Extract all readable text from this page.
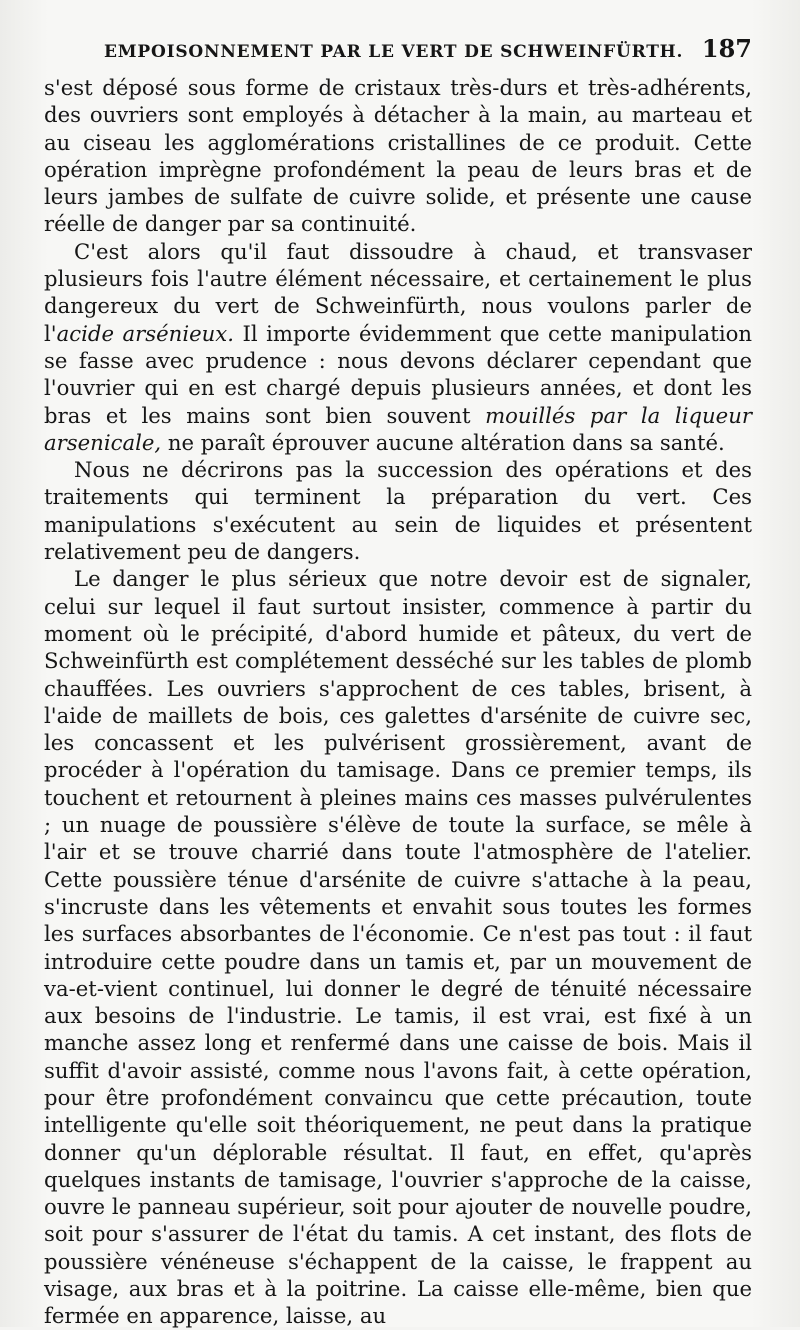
EMPOISONNEMENT PAR LE VERT DE SCHWEINFÜRTH. 187

s'est déposé sous forme de cristaux très-durs et très-adhérents, des ouvriers sont employés à détacher à la main, au marteau et au ciseau les agglomérations cristallines de ce produit. Cette opération imprègne profondément la peau de leurs bras et de leurs jambes de sulfate de cuivre solide, et présente une cause réelle de danger par sa continuité.

C'est alors qu'il faut dissoudre à chaud, et transvaser plusieurs fois l'autre élément nécessaire, et certainement le plus dangereux du vert de Schweinfürth, nous voulons parler de l'acide arsénieux. Il importe évidemment que cette manipulation se fasse avec prudence : nous devons déclarer cependant que l'ouvrier qui en est chargé depuis plusieurs années, et dont les bras et les mains sont bien souvent mouillés par la liqueur arsenicale, ne paraît éprouver aucune altération dans sa santé.

Nous ne décrirons pas la succession des opérations et des traitements qui terminent la préparation du vert. Ces manipulations s'exécutent au sein de liquides et présentent relativement peu de dangers.

Le danger le plus sérieux que notre devoir est de signaler, celui sur lequel il faut surtout insister, commence à partir du moment où le précipité, d'abord humide et pâteux, du vert de Schweinfürth est complétement desséché sur les tables de plomb chauffées. Les ouvriers s'approchent de ces tables, brisent, à l'aide de maillets de bois, ces galettes d'arsénite de cuivre sec, les concassent et les pulvérisent grossièrement, avant de procéder à l'opération du tamisage. Dans ce premier temps, ils touchent et retournent à pleines mains ces masses pulvérulentes ; un nuage de poussière s'élève de toute la surface, se mêle à l'air et se trouve charrié dans toute l'atmosphère de l'atelier. Cette poussière ténue d'arsénite de cuivre s'attache à la peau, s'incruste dans les vêtements et envahit sous toutes les formes les surfaces absorbantes de l'économie. Ce n'est pas tout : il faut introduire cette poudre dans un tamis et, par un mouvement de va-et-vient continuel, lui donner le degré de ténuité nécessaire aux besoins de l'industrie. Le tamis, il est vrai, est fixé à un manche assez long et renfermé dans une caisse de bois. Mais il suffit d'avoir assisté, comme nous l'avons fait, à cette opération, pour être profondément convaincu que cette précaution, toute intelligente qu'elle soit théoriquement, ne peut dans la pratique donner qu'un déplorable résultat. Il faut, en effet, qu'après quelques instants de tamisage, l'ouvrier s'approche de la caisse, ouvre le panneau supérieur, soit pour ajouter de nouvelle poudre, soit pour s'assurer de l'état du tamis. A cet instant, des flots de poussière vénéneuse s'échappent de la caisse, le frappent au visage, aux bras et à la poitrine. La caisse elle-même, bien que fermée en apparence, laisse, au
